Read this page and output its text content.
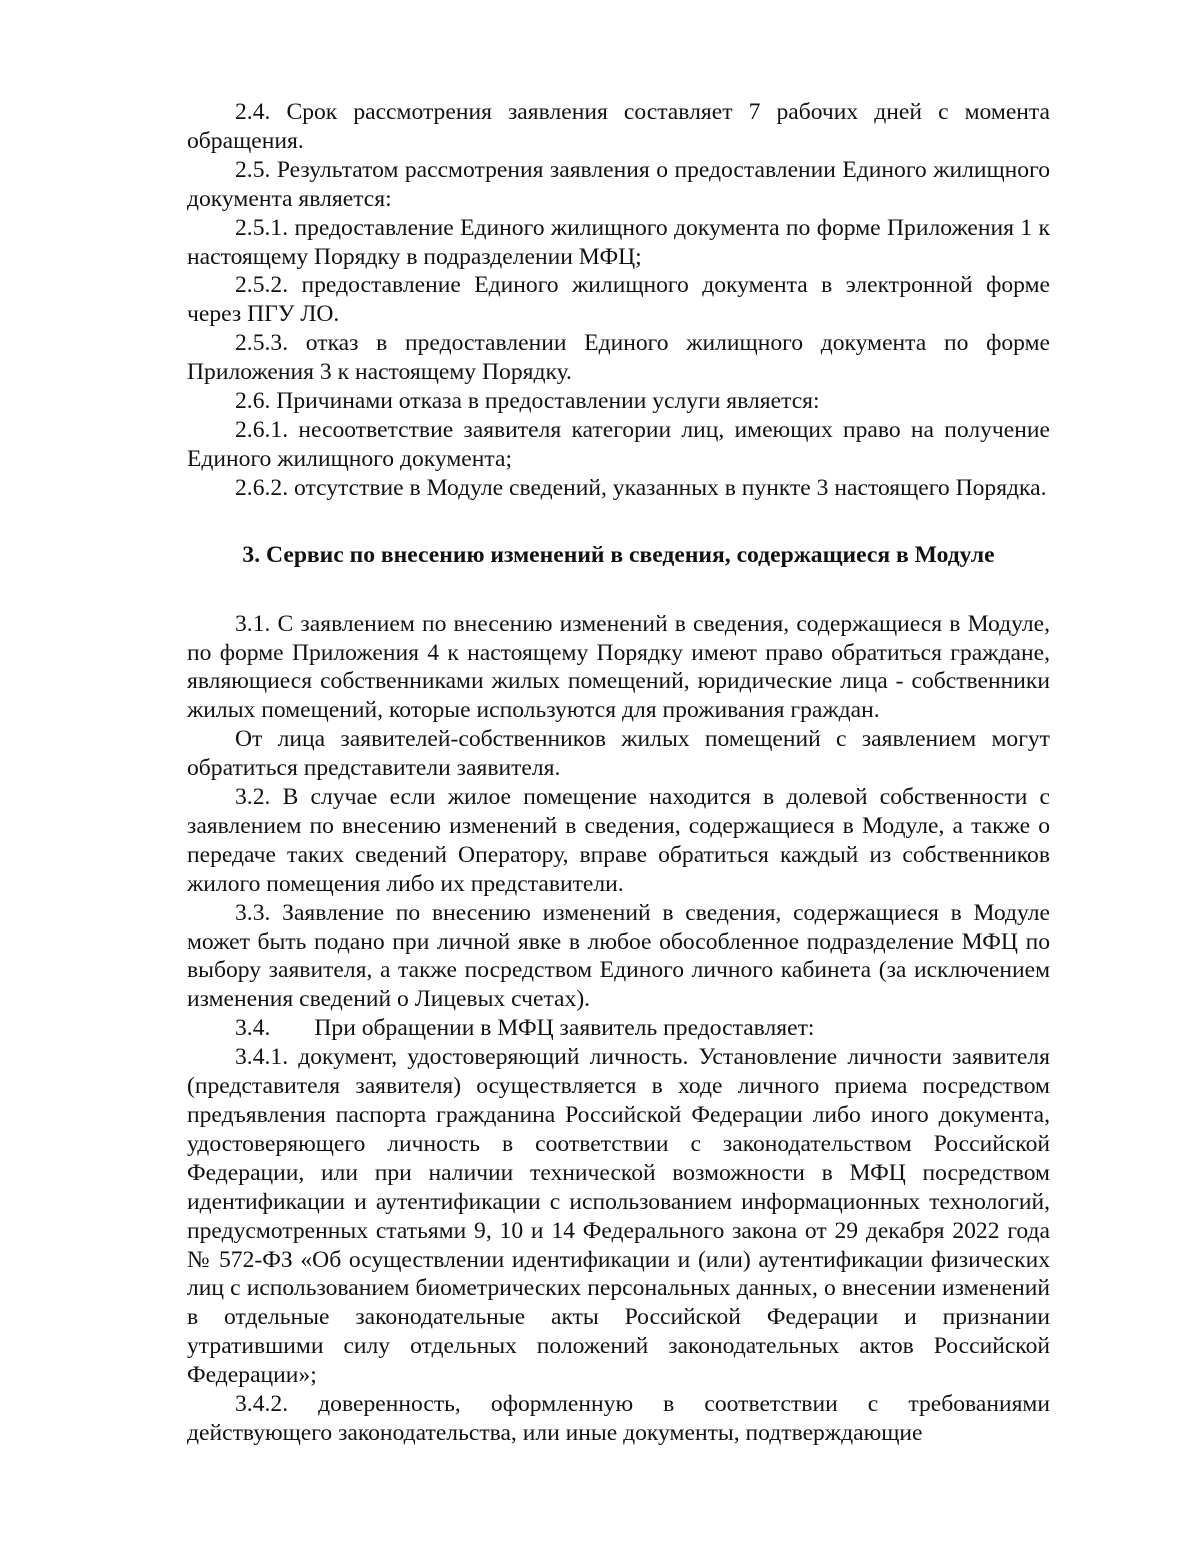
2.4. Срок рассмотрения заявления составляет 7 рабочих дней с момента обращения.

2.5. Результатом рассмотрения заявления о предоставлении Единого жилищного документа является:

2.5.1. предоставление Единого жилищного документа по форме Приложения 1 к настоящему Порядку в подразделении МФЦ;

2.5.2. предоставление Единого жилищного документа в электронной форме через ПГУ ЛО.

2.5.3. отказ в предоставлении Единого жилищного документа по форме Приложения 3 к настоящему Порядку.

2.6. Причинами отказа в предоставлении услуги является:

2.6.1. несоответствие заявителя категории лиц, имеющих право на получение Единого жилищного документа;

2.6.2. отсутствие в Модуле сведений, указанных в пункте 3 настоящего Порядка.

3. Сервис по внесению изменений в сведения, содержащиеся в Модуле

3.1. С заявлением по внесению изменений в сведения, содержащиеся в Модуле, по форме Приложения 4 к настоящему Порядку имеют право обратиться граждане, являющиеся собственниками жилых помещений, юридические лица - собственники жилых помещений, которые используются для проживания граждан.

От лица заявителей-собственников жилых помещений с заявлением могут обратиться представители заявителя.

3.2. В случае если жилое помещение находится в долевой собственности с заявлением по внесению изменений в сведения, содержащиеся в Модуле, а также о передаче таких сведений Оператору, вправе обратиться каждый из собственников жилого помещения либо их представители.

3.3. Заявление по внесению изменений в сведения, содержащиеся в Модуле может быть подано при личной явке в любое обособленное подразделение МФЦ по выбору заявителя, а также посредством Единого личного кабинета (за исключением изменения сведений о Лицевых счетах).

3.4. При обращении в МФЦ заявитель предоставляет:

3.4.1. документ, удостоверяющий личность. Установление личности заявителя (представителя заявителя) осуществляется в ходе личного приема посредством предъявления паспорта гражданина Российской Федерации либо иного документа, удостоверяющего личность в соответствии с законодательством Российской Федерации, или при наличии технической возможности в МФЦ посредством идентификации и аутентификации с использованием информационных технологий, предусмотренных статьями 9, 10 и 14 Федерального закона от 29 декабря 2022 года № 572-ФЗ «Об осуществлении идентификации и (или) аутентификации физических лиц с использованием биометрических персональных данных, о внесении изменений в отдельные законодательные акты Российской Федерации и признании утратившими силу отдельных положений законодательных актов Российской Федерации»;

3.4.2. доверенность, оформленную в соответствии с требованиями действующего законодательства, или иные документы, подтверждающие
